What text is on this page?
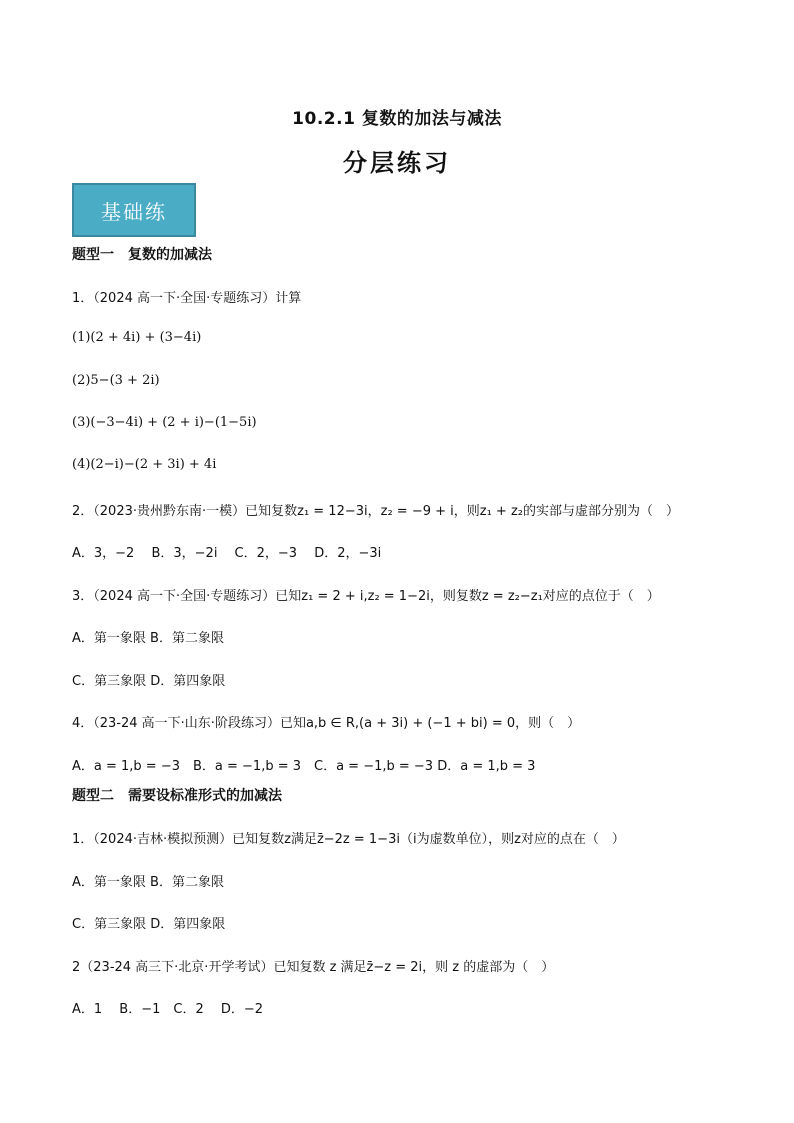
10.2.1 复数的加法与减法
分层练习
基础练
题型一　复数的加减法
1．（2024 高一下·全国·专题练习）计算
(1)(2 + 4i) + (3−4i)
(2)5−(3 + 2i)
(3)(−3−4i) + (2 + i)−(1−5i)
(4)(2−i)−(2 + 3i) + 4i
2．（2023·贵州黔东南·一模）已知复数z₁ = 12−3i，z₂ = −9 + i，则z₁ + z₂的实部与虚部分别为（　）
A．3，−2　 B．3，−2i　 C．2，−3　 D．2，−3i
3．（2024 高一下·全国·专题练习）已知z₁ = 2 + i,z₂ = 1−2i，则复数z = z₂−z₁对应的点位于（　）
A．第一象限 B．第二象限
C．第三象限 D．第四象限
4．（23-24 高一下·山东·阶段练习）已知a,b ∈ R,(a + 3i) + (−1 + bi) = 0，则（　）
A．a = 1,b = −3　B．a = −1,b = 3　C．a = −1,b = −3 D．a = 1,b = 3
题型二　需要设标准形式的加减法
1．（2024·吉林·模拟预测）已知复数z满足z̄−2z = 1−3i（i为虚数单位），则z对应的点在（　）
A．第一象限 B．第二象限
C．第三象限 D．第四象限
2（23-24 高三下·北京·开学考试）已知复数 z 满足z̄−z = 2i，则 z 的虚部为（　）
A．1　 B．−1　C．2　 D．−2
